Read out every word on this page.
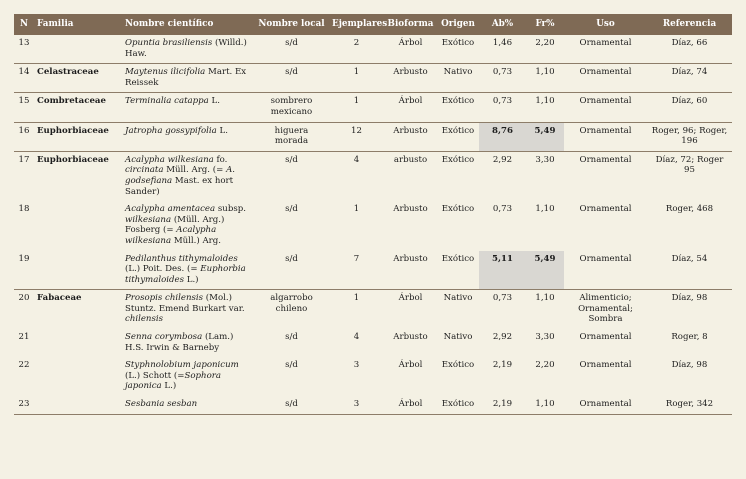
N	Familia	Nombre científico	Nombre local	Ejemplares	Bioforma	Origen	Ab%	Fr%	Uso	Referencia
13		Opuntia brasiliensis (Willd.) Haw.	s/d	2	Árbol	Exótico	1,46	2,20	Ornamental	Díaz, 66
14	Celastraceae	Maytenus ilicifolia Mart. Ex Reissek	s/d	1	Arbusto	Nativo	0,73	1,10	Ornamental	Díaz, 74
15	Combretaceae	Terminalia catappa L.	sombrero mexicano	1	Árbol	Exótico	0,73	1,10	Ornamental	Díaz, 60
16	Euphorbiaceae	Jatropha gossypifolia L.	higuera morada	12	Arbusto	Exótico	8,76	5,49	Ornamental	Roger, 96; Roger, 196
17	Euphorbiaceae	Acalypha wilkesiana fo. circinata Müll. Arg. (= A. godsefiana Mast. ex hort Sander)	s/d	4	arbusto	Exótico	2,92	3,30	Ornamental	Díaz, 72; Roger 95
18		Acalypha amentacea subsp. wilkesiana (Müll. Arg.) Fosberg (= Acalypha wilkesiana Müll.) Arg.	s/d	1	Arbusto	Exótico	0,73	1,10	Ornamental	Roger, 468
19		Pedilanthus tithymaloides (L.) Poit. Des. (= Euphorbia tithymaloides L.)	s/d	7	Arbusto	Exótico	5,11	5,49	Ornamental	Díaz, 54
20	Fabaceae	Prosopis chilensis (Mol.) Stuntz. Emend Burkart var. chilensis	algarrobo chileno	1	Árbol	Nativo	0,73	1,10	Alimenticio; Ornamental; Sombra	Díaz, 98
21		Senna corymbosa (Lam.) H.S. Irwin & Barneby	s/d	4	Arbusto	Nativo	2,92	3,30	Ornamental	Roger, 8
22		Styphnolobium japonicum (L.) Schott (=Sophora japonica L.)	s/d	3	Árbol	Exótico	2,19	2,20	Ornamental	Díaz, 98
23		Sesbania sesban	s/d	3	Árbol	Exótico	2,19	1,10	Ornamental	Roger, 342
